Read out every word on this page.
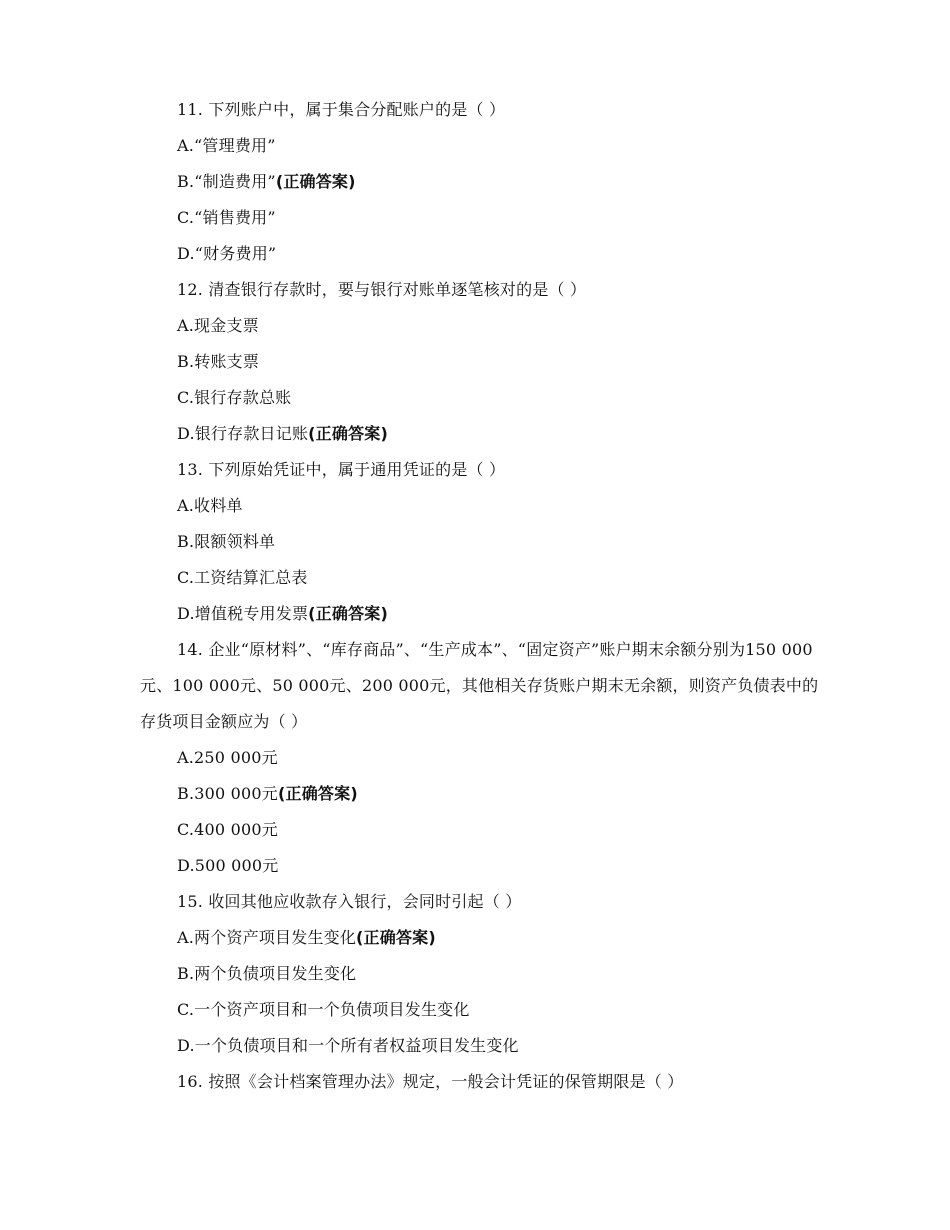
11. 下列账户中，属于集合分配账户的是（ ）
A.“管理费用”
B.“制造费用”(正确答案)
C.“销售费用”
D.“财务费用”
12. 清查银行存款时，要与银行对账单逐笔核对的是（ ）
A.现金支票
B.转账支票
C.银行存款总账
D.银行存款日记账(正确答案)
13. 下列原始凭证中，属于通用凭证的是（ ）
A.收料单
B.限额领料单
C.工资结算汇总表
D.增值税专用发票(正确答案)
14. 企业“原材料”、“库存商品”、“生产成本”、“固定资产”账户期末余额分别为150 000元、100 000元、50 000元、200 000元，其他相关存货账户期末无余额，则资产负债表中的存货项目金额应为（ ）
A.250 000元
B.300 000元(正确答案)
C.400 000元
D.500 000元
15. 收回其他应收款存入银行，会同时引起（ ）
A.两个资产项目发生变化(正确答案)
B.两个负债项目发生变化
C.一个资产项目和一个负债项目发生变化
D.一个负债项目和一个所有者权益项目发生变化
16. 按照《会计档案管理办法》规定，一般会计凭证的保管期限是（ ）
